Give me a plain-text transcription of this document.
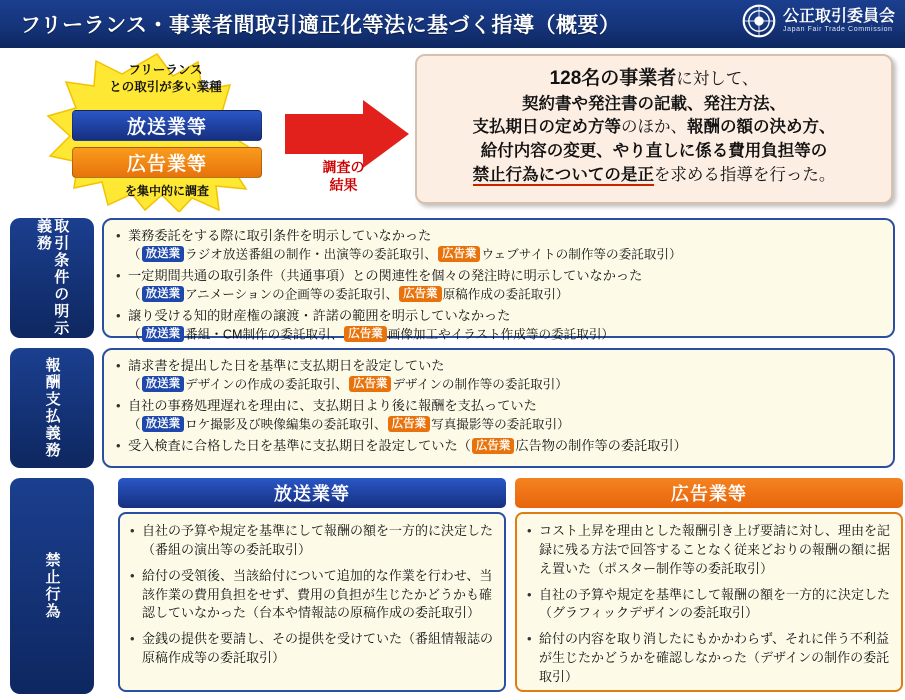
フリーランス・事業者間取引適正化等法に基づく指導（概要）	公正取引委員会
Japan Fair Trade Commission
フリーランス
との取引が多い業種
放送業等
広告業等
を集中的に調査
調査の
結果
128名の事業者に対して、
契約書や発注書の記載、発注方法、
支払期日の定め方等のほか、報酬の額の決め方、
給付内容の変更、やり直しに係る費用負担等の
禁止行為についての是正を求める指導を行った。
取引条件の明示義務	• 業務委託をする際に取引条件を明示していなかった
（ 放送業 ラジオ放送番組の制作・出演等の委託取引、 広告業 ウェブサイトの制作等の委託取引）
• 一定期間共通の取引条件（共通事項）との関連性を個々の発注時に明示していなかった
（ 放送業 アニメーションの企画等の委託取引、 広告業 原稿作成の委託取引）
• 譲り受ける知的財産権の譲渡・許諾の範囲を明示していなかった
（ 放送業 番組・CM制作の委託取引、 広告業 画像加工やイラスト作成等の委託取引）
報酬支払義務	• 請求書を提出した日を基準に支払期日を設定していた
（ 放送業 デザインの作成の委託取引、 広告業 デザインの制作等の委託取引）
• 自社の事務処理遅れを理由に、支払期日より後に報酬を支払っていた
（ 放送業 ロケ撮影及び映像編集の委託取引、 広告業 写真撮影等の委託取引）
• 受入検査に合格した日を基準に支払期日を設定していた（ 広告業 広告物の制作等の委託取引）
禁止行為
放送業等
• 自社の予算や規定を基準にして報酬の額を一方的に決定した（番組の演出等の委託取引）
• 給付の受領後、当該給付について追加的な作業を行わせ、当該作業の費用負担をせず、費用の負担が生じたかどうかも確認していなかった（台本や情報誌の原稿作成の委託取引）
• 金銭の提供を要請し、その提供を受けていた（番組情報誌の原稿作成等の委託取引）
広告業等
• コスト上昇を理由とした報酬引き上げ要請に対し、理由を記録に残る方法で回答することなく従来どおりの報酬の額に据え置いた（ポスター制作等の委託取引）
• 自社の予算や規定を基準にして報酬の額を一方的に決定した（グラフィックデザインの委託取引）
• 給付の内容を取り消したにもかかわらず、それに伴う不利益が生じたかどうかを確認しなかった（デザインの制作の委託取引）
